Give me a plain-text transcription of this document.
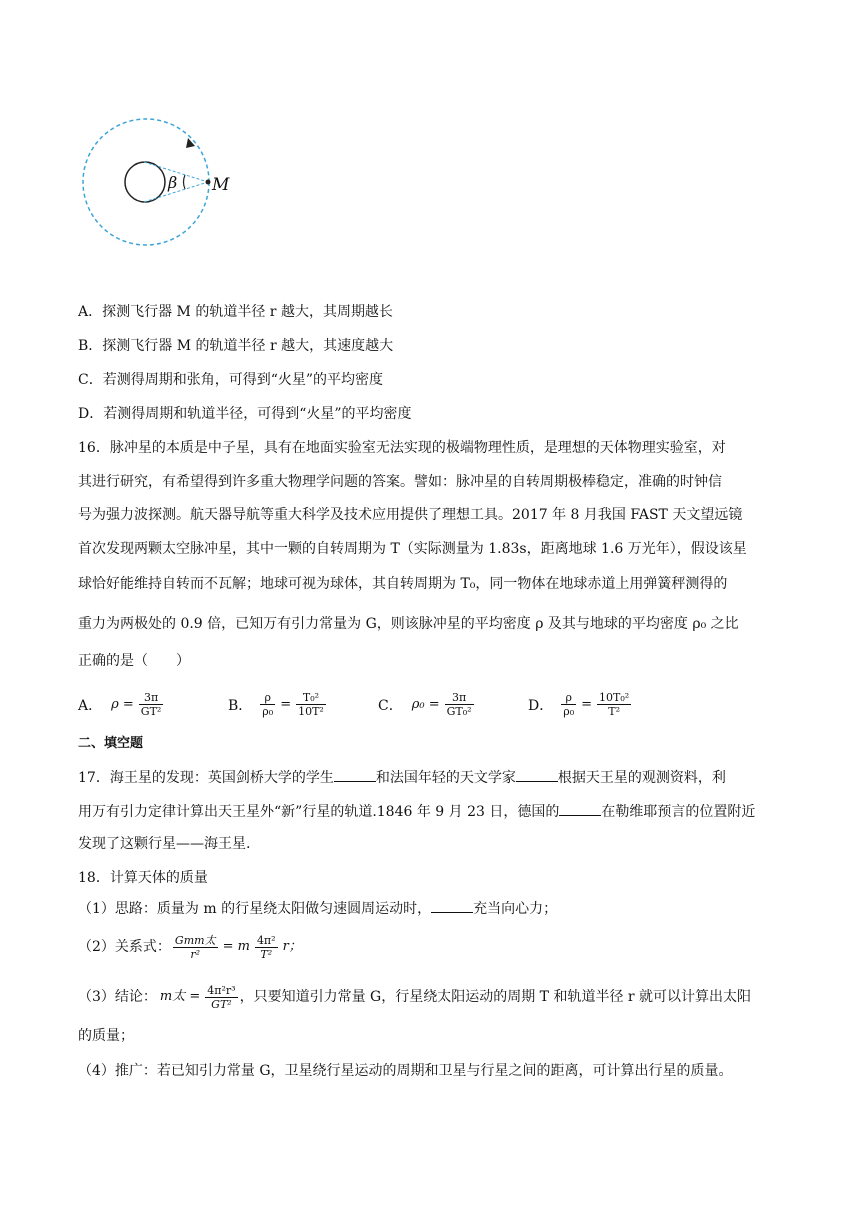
β M
A．探测飞行器 M 的轨道半径 r 越大，其周期越长
B．探测飞行器 M 的轨道半径 r 越大，其速度越大
C．若测得周期和张角，可得到“火星”的平均密度
D．若测得周期和轨道半径，可得到“火星”的平均密度
16．脉冲星的本质是中子星，具有在地面实验室无法实现的极端物理性质，是理想的天体物理实验室，对
其进行研究，有希望得到许多重大物理学问题的答案。譬如：脉冲星的自转周期极棒稳定，准确的时钟信
号为强力波探测。航天器导航等重大科学及技术应用提供了理想工具。2017 年 8 月我国 FAST 天文望远镜
首次发现两颗太空脉冲星，其中一颗的自转周期为 T（实际测量为 1.83s，距离地球 1.6 万光年），假设该星
球恰好能维持自转而不瓦解；地球可视为球体，其自转周期为 T₀，同一物体在地球赤道上用弹簧秤测得的
重力为两极处的 0.9 倍，已知万有引力常量为 G，则该脉冲星的平均密度 ρ 及其与地球的平均密度 ρ₀ 之比
正确的是（　　）
A． $\rho = \frac{3\pi}{\text{GT²}}$	B． $\frac{\rho}{\text{ρ₀}} = \frac{\text{T₀²}}{\text{10T²}}$	C． $\rho_0 = \frac{3\pi}{\text{GT₀²}}$	D． $\frac{\rho}{\text{ρ₀}} = \frac{\text{10T₀²}}{\text{T²}}$
二、填空题
17．海王星的发现：英国剑桥大学的学生	和法国年轻的天文学家	根据天王星的观测资料，利
用万有引力定律计算出天王星外“新”行星的轨道.1846 年 9 月 23 日，德国的	在勒维耶预言的位置附近
发现了这颗行星——海王星.
18．计算天体的质量
（1）思路：质量为 m 的行星绕太阳做匀速圆周运动时，	充当向心力；
（2）关系式： $\frac{\text{Gmm太}}{\text{r²}} = m \frac{\text{4π²}}{\text{T²}}$ r；
（3）结论： m太 = $\frac{\text{4π²r³}}{\text{GT²}}$ ，只要知道引力常量 G，行星绕太阳运动的周期 T 和轨道半径 r 就可以计算出太阳
的质量；
（4）推广：若已知引力常量 G，卫星绕行星运动的周期和卫星与行星之间的距离，可计算出行星的质量。
